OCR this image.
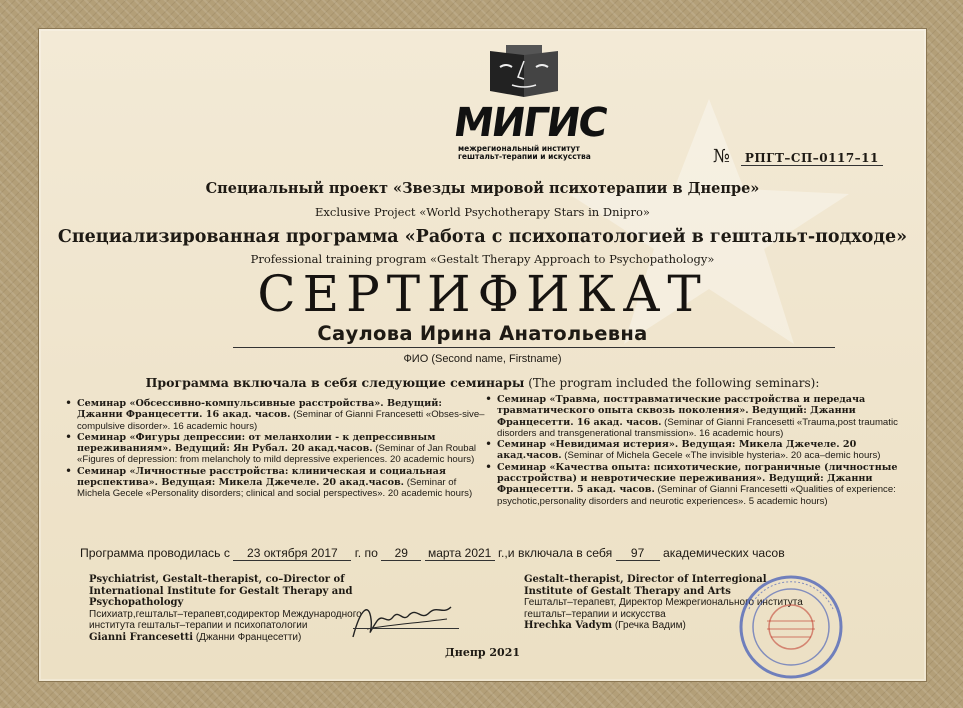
МИГИС
межрегиональный институт
гештальт-терапии и искусства	№ РПГТ–СП–0117–11
Специальный проект «Звезды мировой психотерапии в Днепре»
Exclusive Project «World Psychotherapy Stars in Dnipro»
Специализированная программа «Работа с психопатологией в гештальт-подходе»
Professional training program «Gestalt Therapy Approach to Psychopathology»
СЕРТИФИКАТ
Саулова Ирина Анатольевна
ФИО (Second name, Firstname)
Программа включала в себя следующие семинары (The program included the following seminars):
• Семинар «Обсессивно-компульсивные расстройства». Ведущий: Джанни Францесетти. 16 акад. часов. (Seminar of Gianni Francesetti «Obses-sive–compulsive disorder». 16 academic hours)
• Семинар «Фигуры депрессии: от меланхолии - к депрессивным переживаниям». Ведущий: Ян Рубал. 20 акад.часов. (Seminar of Jan Roubal «Figures of depression: from melancholy to mild depressive experiences. 20 academic hours)
• Семинар «Личностные расстройства: клиническая и социальная перспектива». Ведущая: Микела Джечеле. 20 акад.часов. (Seminar of Michela Gecele «Personality disorders; clinical and social perspectives». 20 academic hours)
• Семинар «Травма, посттравматические расстройства и передача травматического опыта сквозь поколения». Ведущий: Джанни Францесетти. 16 акад. часов. (Seminar of Gianni Francesetti «Trauma,post traumatic disorders and transgenerational transmission». 16 academic hours)
• Семинар «Невидимая истерия». Ведущая: Микела Джечеле. 20 акад.часов. (Seminar of Michela Gecele «The invisible hysteria». 20 aca–demic hours)
• Семинар «Качества опыта: психотические, пограничные (личностные расстройства) и невротические переживания». Ведущий: Джанни Францесетти. 5 акад. часов. (Seminar of Gianni Francesetti «Qualities of experience: psychotic,personality disorders and neurotic experiences». 5 academic hours)
Программа проводилась с 23 октября 2017 г. по 29 марта 2021 г.,и включала в себя 97 академических часов
Psychiatrist, Gestalt–therapist, co–Director of
International Institute for Gestalt Therapy and Psychopathology
Психиатр,гештальт–терапевт,содиректор Международного
института гештальт–терапии и психопатологии
Gianni Francesetti (Джанни Францесетти)
Gestalt–therapist, Director of Interregional
Institute of Gestalt Therapy and Arts
Гештальт–терапевт, Директор Межрегионального института
гештальт–терапии и искусства
Hrechka Vadym (Гречка Вадим)
Днепр 2021
